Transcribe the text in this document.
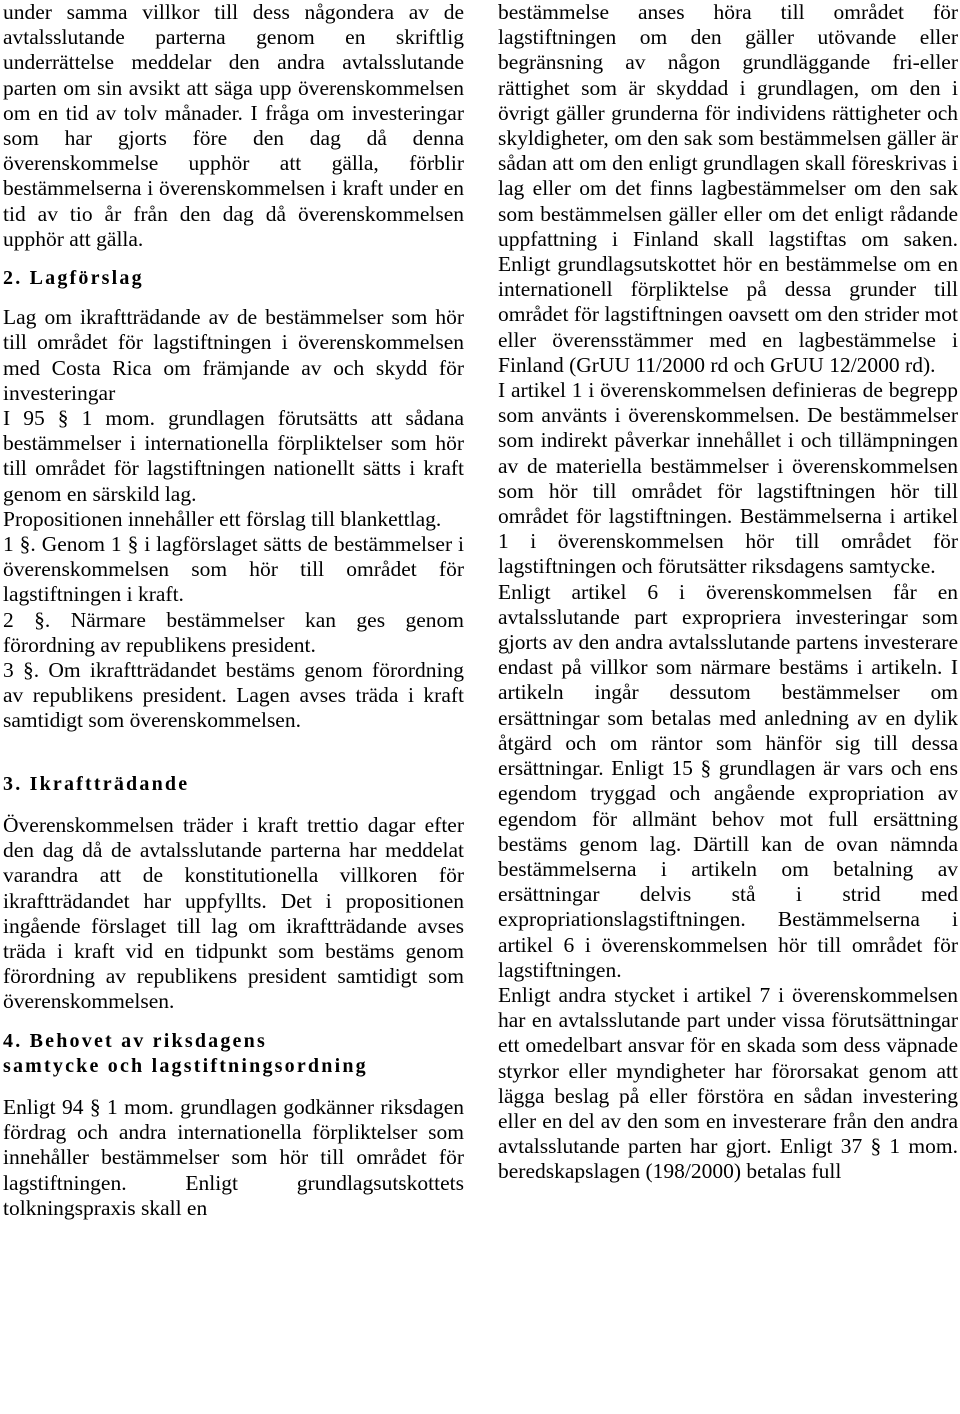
under samma villkor till dess någondera av de avtalsslutande parterna genom en skriftlig underrättelse meddelar den andra avtalsslutande parten om sin avsikt att säga upp överenskommelsen om en tid av tolv månader. I fråga om investeringar som har gjorts före den dag då denna överenskommelse upphör att gälla, förblir bestämmelserna i överenskommelsen i kraft under en tid av tio år från den dag då överenskommelsen upphör att gälla.

2. Lagförslag

Lag om ikraftträdande av de bestämmelser som hör till området för lagstiftningen i överenskommelsen med Costa Rica om främjande av och skydd för investeringar

I 95 § 1 mom. grundlagen förutsätts att sådana bestämmelser i internationella förpliktelser som hör till området för lagstiftningen nationellt sätts i kraft genom en särskild lag.

Propositionen innehåller ett förslag till blankettlag.

1 §. Genom 1 § i lagförslaget sätts de bestämmelser i överenskommelsen som hör till området för lagstiftningen i kraft.

2 §. Närmare bestämmelser kan ges genom förordning av republikens president.

3 §. Om ikraftträdandet bestäms genom förordning av republikens president. Lagen avses träda i kraft samtidigt som överenskommelsen.

3. Ikraftträdande

Överenskommelsen träder i kraft trettio dagar efter den dag då de avtalsslutande parterna har meddelat varandra att de konstitutionella villkoren för ikraftträdandet har uppfyllts. Det i propositionen ingående förslaget till lag om ikraftträdande avses träda i kraft vid en tidpunkt som bestäms genom förordning av republikens president samtidigt som överenskommelsen.

4. Behovet av riksdagens
samtycke och lagstiftningsordning

Enligt 94 § 1 mom. grundlagen godkänner riksdagen fördrag och andra internationella förpliktelser som innehåller bestämmelser som hör till området för lagstiftningen. Enligt grundlagsutskottets tolkningspraxis skall en

bestämmelse anses höra till området för lagstiftningen om den gäller utövande eller begränsning av någon grundläggande fri-eller rättighet som är skyddad i grundlagen, om den i övrigt gäller grunderna för individens rättigheter och skyldigheter, om den sak som bestämmelsen gäller är sådan att om den enligt grundlagen skall föreskrivas i lag eller om det finns lagbestämmelser om den sak som bestämmelsen gäller eller om det enligt rådande uppfattning i Finland skall lagstiftas om saken. Enligt grundlagsutskottet hör en bestämmelse om en internationell förpliktelse på dessa grunder till området för lagstiftningen oavsett om den strider mot eller överensstämmer med en lagbestämmelse i Finland (GrUU 11/2000 rd och GrUU 12/2000 rd).

I artikel 1 i överenskommelsen definieras de begrepp som använts i överenskommelsen. De bestämmelser som indirekt påverkar innehållet i och tillämpningen av de materiella bestämmelser i överenskommelsen som hör till området för lagstiftningen hör till området för lagstiftningen. Bestämmelserna i artikel 1 i överenskommelsen hör till området för lagstiftningen och förutsätter riksdagens samtycke.

Enligt artikel 6 i överenskommelsen får en avtalsslutande part expropriera investeringar som gjorts av den andra avtalsslutande partens investerare endast på villkor som närmare bestäms i artikeln. I artikeln ingår dessutom bestämmelser om ersättningar som betalas med anledning av en dylik åtgärd och om räntor som hänför sig till dessa ersättningar. Enligt 15 § grundlagen är vars och ens egendom tryggad och angående expropriation av egendom för allmänt behov mot full ersättning bestäms genom lag. Därtill kan de ovan nämnda bestämmelserna i artikeln om betalning av ersättningar delvis stå i strid med expropriationslagstiftningen. Bestämmelserna i artikel 6 i överenskommelsen hör till området för lagstiftningen.

Enligt andra stycket i artikel 7 i överenskommelsen har en avtalsslutande part under vissa förutsättningar ett omedelbart ansvar för en skada som dess väpnade styrkor eller myndigheter har förorsakat genom att lägga beslag på eller förstöra en sådan investering eller en del av den som en investerare från den andra avtalsslutande parten har gjort. Enligt 37 § 1 mom. beredskapslagen (198/2000) betalas full
